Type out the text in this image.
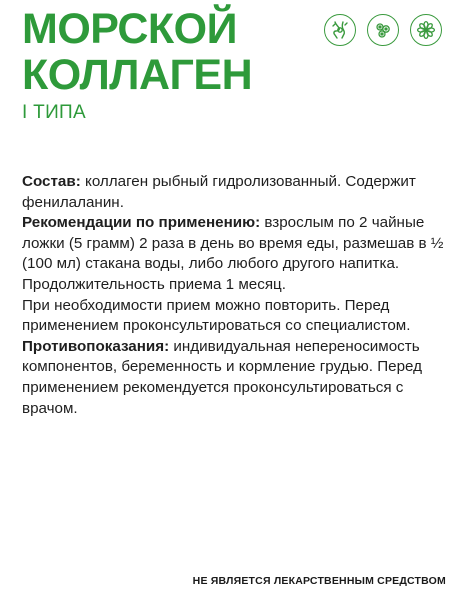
МОРСКОЙ
КОЛЛАГЕН
I ТИПА

Состав: коллаген рыбный гидролизованный. Содержит фенилаланин.

Рекомендации по применению: взрослым по 2 чайные ложки (5 грамм) 2 раза в день во время еды, размешав в ½ (100 мл) стакана воды, либо любого другого напитка. Продолжительность приема 1 месяц.

При необходимости прием можно повторить. Перед применением проконсультироваться со специалистом.

Противопоказания: индивидуальная непереносимость компонентов, беременность и кормление грудью. Перед применением рекомендуется проконсультироваться с врачом.

НЕ ЯВЛЯЕТСЯ ЛЕКАРСТВЕННЫМ СРЕДСТВОМ
